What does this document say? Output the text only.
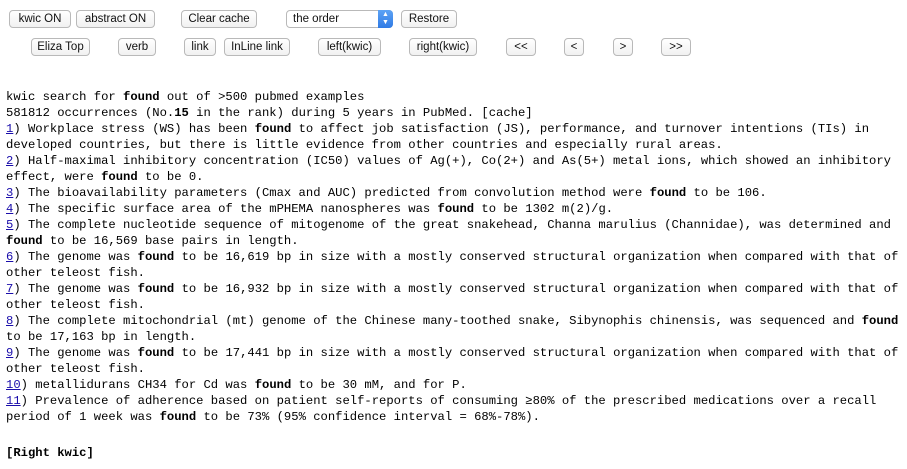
kwic ON	abstract ON	Clear cache	the order	▲
▼	Restore
Eliza Top	verb	link	InLine link	left(kwic)	right(kwic)	<<	<	>	>>
kwic search for found out of >500 pubmed examples
581812 occurrences (No.15 in the rank) during 5 years in PubMed. [cache]
1) Workplace stress (WS) has been found to affect job satisfaction (JS), performance, and turnover intentions (TIs) in developed countries, but there is little evidence from other countries and especially rural areas.
2) Half-maximal inhibitory concentration (IC50) values of Ag(+), Co(2+) and As(5+) metal ions, which showed an inhibitory effect, were found to be 0.
3) The bioavailability parameters (Cmax and AUC) predicted from convolution method were found to be 106.
4) The specific surface area of the mPHEMA nanospheres was found to be 1302 m(2)/g.
5) The complete nucleotide sequence of mitogenome of the great snakehead, Channa marulius (Channidae), was determined and found to be 16,569 base pairs in length.
6) The genome was found to be 16,619 bp in size with a mostly conserved structural organization when compared with that of other teleost fish.
7) The genome was found to be 16,932 bp in size with a mostly conserved structural organization when compared with that of other teleost fish.
8) The complete mitochondrial (mt) genome of the Chinese many-toothed snake, Sibynophis chinensis, was sequenced and found to be 17,163 bp in length.
9) The genome was found to be 17,441 bp in size with a mostly conserved structural organization when compared with that of other teleost fish.
10) metallidurans CH34 for Cd was found to be 30 mM, and for P.
11) Prevalence of adherence based on patient self-reports of consuming ≥80% of the prescribed medications over a recall period of 1 week was found to be 73% (95% confidence interval = 68%-78%).
[Right kwic]
